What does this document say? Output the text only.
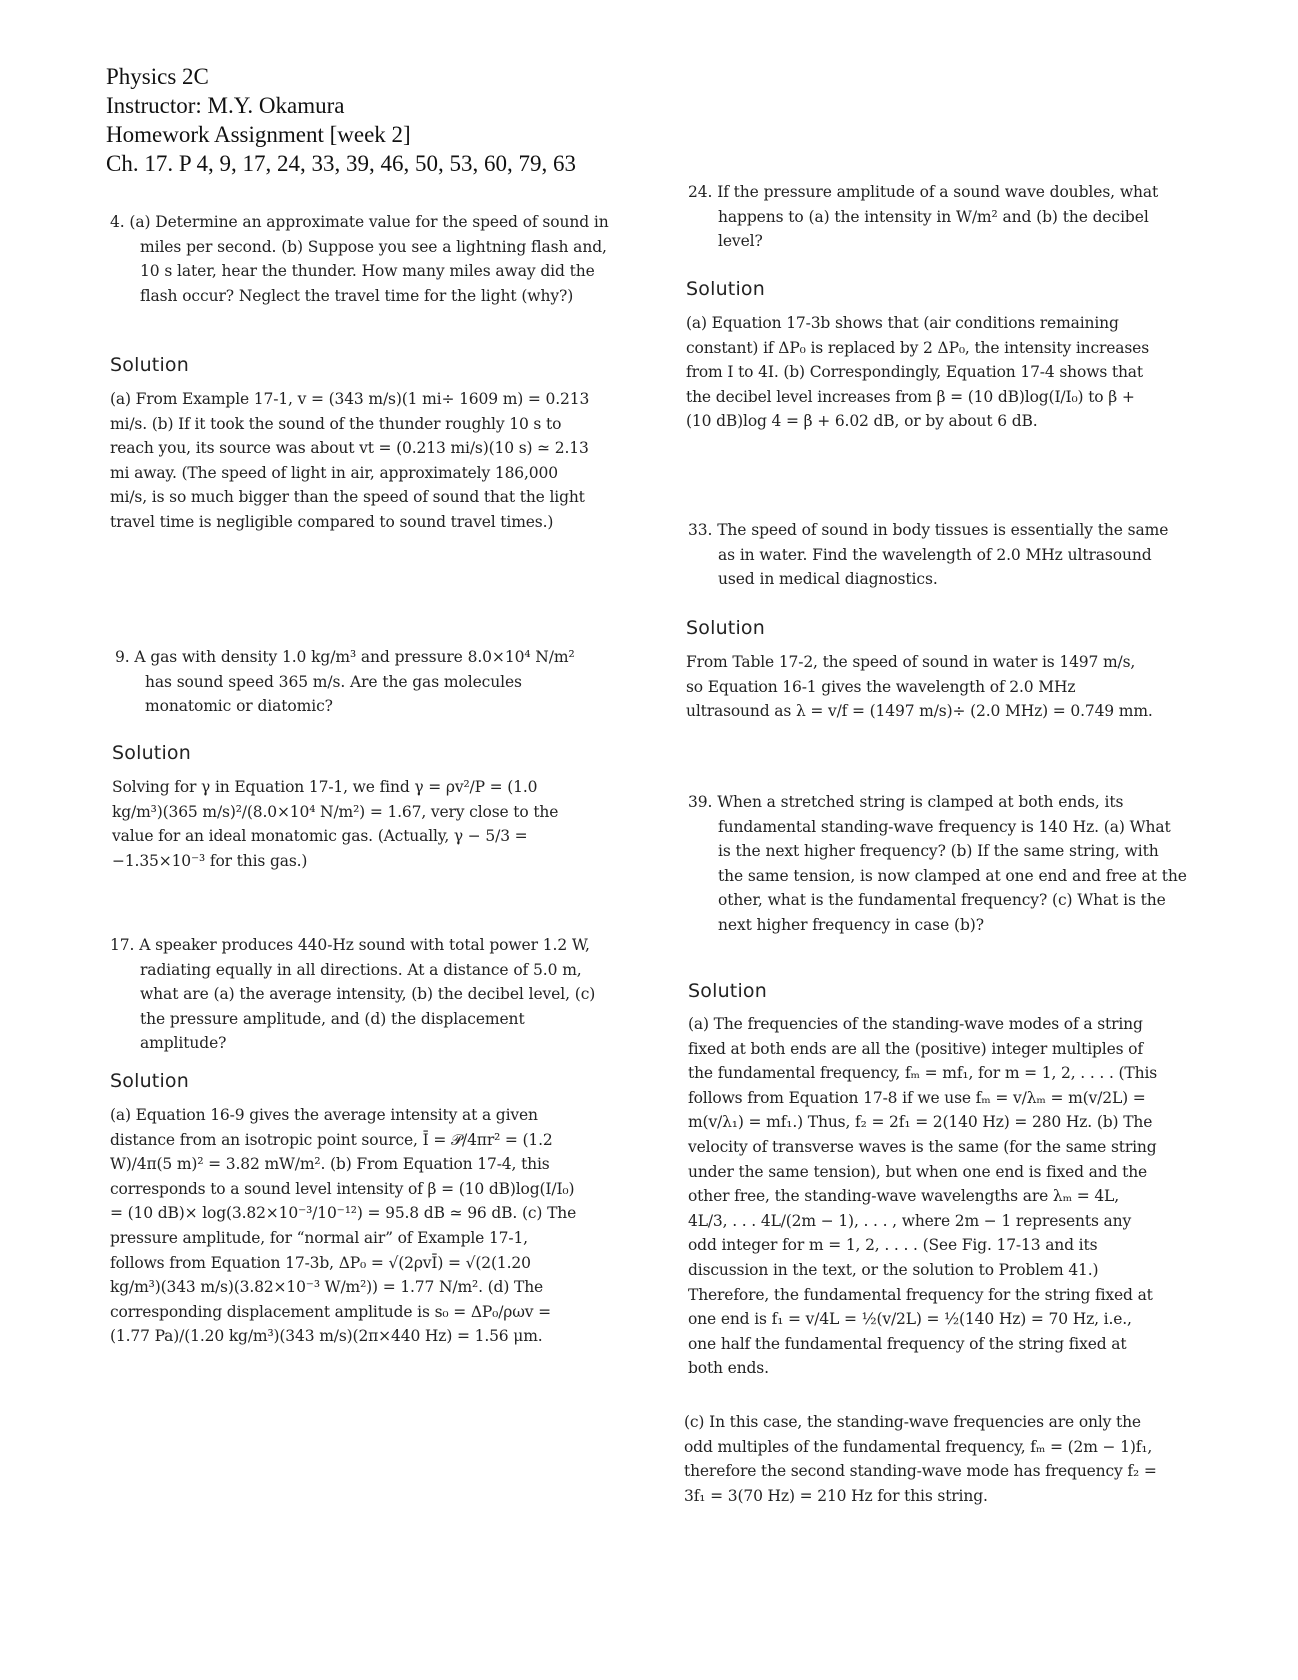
Physics 2C
Instructor: M.Y. Okamura
Homework Assignment [week 2]
Ch. 17. P 4, 9, 17, 24, 33, 39, 46, 50, 53, 60, 79, 63
4. (a) Determine an approximate value for the speed of sound in miles per second. (b) Suppose you see a lightning flash and, 10 s later, hear the thunder. How many miles away did the flash occur? Neglect the travel time for the light (why?)
Solution
(a) From Example 17-1, v = (343 m/s)(1 mi÷ 1609 m) = 0.213 mi/s. (b) If it took the sound of the thunder roughly 10 s to reach you, its source was about vt = (0.213 mi/s)(10 s) ≃ 2.13 mi away. (The speed of light in air, approximately 186,000 mi/s, is so much bigger than the speed of sound that the light travel time is negligible compared to sound travel times.)
9. A gas with density 1.0 kg/m³ and pressure 8.0×10⁴ N/m² has sound speed 365 m/s. Are the gas molecules monatomic or diatomic?
Solution
Solving for γ in Equation 17-1, we find γ = ρv²/P = (1.0 kg/m³)(365 m/s)²/(8.0×10⁴ N/m²) = 1.67, very close to the value for an ideal monatomic gas. (Actually, γ − 5/3 = −1.35×10⁻³ for this gas.)
17. A speaker produces 440-Hz sound with total power 1.2 W, radiating equally in all directions. At a distance of 5.0 m, what are (a) the average intensity, (b) the decibel level, (c) the pressure amplitude, and (d) the displacement amplitude?
Solution
(a) Equation 16-9 gives the average intensity at a given distance from an isotropic point source, Ī = 𝒫/4πr² = (1.2 W)/4π(5 m)² = 3.82 mW/m². (b) From Equation 17-4, this corresponds to a sound level intensity of β = (10 dB)log(I/I₀) = (10 dB)× log(3.82×10⁻³/10⁻¹²) = 95.8 dB ≃ 96 dB. (c) The pressure amplitude, for “normal air” of Example 17-1, follows from Equation 17-3b, ΔP₀ = √(2ρvĪ) = √(2(1.20 kg/m³)(343 m/s)(3.82×10⁻³ W/m²)) = 1.77 N/m². (d) The corresponding displacement amplitude is s₀ = ΔP₀/ρωv = (1.77 Pa)/(1.20 kg/m³)(343 m/s)(2π×440 Hz) = 1.56 μm.
24. If the pressure amplitude of a sound wave doubles, what happens to (a) the intensity in W/m² and (b) the decibel level?
Solution
(a) Equation 17-3b shows that (air conditions remaining constant) if ΔP₀ is replaced by 2 ΔP₀, the intensity increases from I to 4I. (b) Correspondingly, Equation 17-4 shows that the decibel level increases from β = (10 dB)log(I/I₀) to β + (10 dB)log 4 = β + 6.02 dB, or by about 6 dB.
33. The speed of sound in body tissues is essentially the same as in water. Find the wavelength of 2.0 MHz ultrasound used in medical diagnostics.
Solution
From Table 17-2, the speed of sound in water is 1497 m/s, so Equation 16-1 gives the wavelength of 2.0 MHz ultrasound as λ = v/f = (1497 m/s)÷ (2.0 MHz) = 0.749 mm.
39. When a stretched string is clamped at both ends, its fundamental standing-wave frequency is 140 Hz. (a) What is the next higher frequency? (b) If the same string, with the same tension, is now clamped at one end and free at the other, what is the fundamental frequency? (c) What is the next higher frequency in case (b)?
Solution
(a) The frequencies of the standing-wave modes of a string fixed at both ends are all the (positive) integer multiples of the fundamental frequency, fₘ = mf₁, for m = 1, 2, . . . . (This follows from Equation 17-8 if we use fₘ = v/λₘ = m(v/2L) = m(v/λ₁) = mf₁.) Thus, f₂ = 2f₁ = 2(140 Hz) = 280 Hz. (b) The velocity of transverse waves is the same (for the same string under the same tension), but when one end is fixed and the other free, the standing-wave wavelengths are λₘ = 4L, 4L/3, . . . 4L/(2m − 1), . . . , where 2m − 1 represents any odd integer for m = 1, 2, . . . . (See Fig. 17-13 and its discussion in the text, or the solution to Problem 41.) Therefore, the fundamental frequency for the string fixed at one end is f₁ = v/4L = ½(v/2L) = ½(140 Hz) = 70 Hz, i.e., one half the fundamental frequency of the string fixed at both ends.
(c) In this case, the standing-wave frequencies are only the odd multiples of the fundamental frequency, fₘ = (2m − 1)f₁, therefore the second standing-wave mode has frequency f₂ = 3f₁ = 3(70 Hz) = 210 Hz for this string.
